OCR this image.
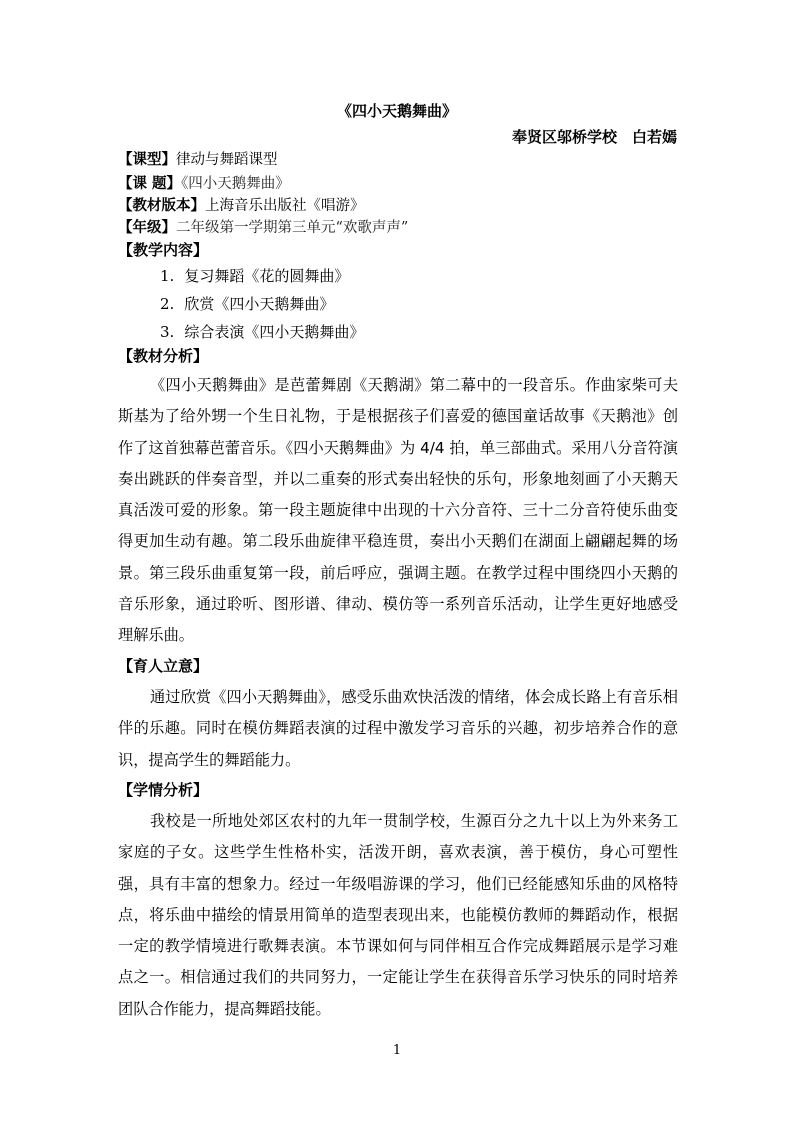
《四小天鹅舞曲》
奉贤区邬桥学校　白若嫣
【课型】律动与舞蹈课型
【课 题】《四小天鹅舞曲》
【教材版本】上海音乐出版社《唱游》
【年级】二年级第一学期第三单元“欢歌声声”
【教学内容】
1. 复习舞蹈《花的圆舞曲》
2. 欣赏《四小天鹅舞曲》
3. 综合表演《四小天鹅舞曲》
【教材分析】

《四小天鹅舞曲》是芭蕾舞剧《天鹅湖》第二幕中的一段音乐。作曲家柴可夫斯基为了给外甥一个生日礼物，于是根据孩子们喜爱的德国童话故事《天鹅池》创作了这首独幕芭蕾音乐。《四小天鹅舞曲》为 4/4 拍，单三部曲式。采用八分音符演奏出跳跃的伴奏音型，并以二重奏的形式奏出轻快的乐句，形象地刻画了小天鹅天真活泼可爱的形象。第一段主题旋律中出现的十六分音符、三十二分音符使乐曲变得更加生动有趣。第二段乐曲旋律平稳连贯，奏出小天鹅们在湖面上翩翩起舞的场景。第三段乐曲重复第一段，前后呼应，强调主题。在教学过程中围绕四小天鹅的音乐形象，通过聆听、图形谱、律动、模仿等一系列音乐活动，让学生更好地感受理解乐曲。

【育人立意】

通过欣赏《四小天鹅舞曲》，感受乐曲欢快活泼的情绪，体会成长路上有音乐相伴的乐趣。同时在模仿舞蹈表演的过程中激发学习音乐的兴趣，初步培养合作的意识，提高学生的舞蹈能力。

【学情分析】

我校是一所地处郊区农村的九年一贯制学校，生源百分之九十以上为外来务工家庭的子女。这些学生性格朴实，活泼开朗，喜欢表演，善于模仿，身心可塑性强，具有丰富的想象力。经过一年级唱游课的学习，他们已经能感知乐曲的风格特点，将乐曲中描绘的情景用简单的造型表现出来，也能模仿教师的舞蹈动作，根据一定的教学情境进行歌舞表演。本节课如何与同伴相互合作完成舞蹈展示是学习难点之一。相信通过我们的共同努力，一定能让学生在获得音乐学习快乐的同时培养团队合作能力，提高舞蹈技能。

1
